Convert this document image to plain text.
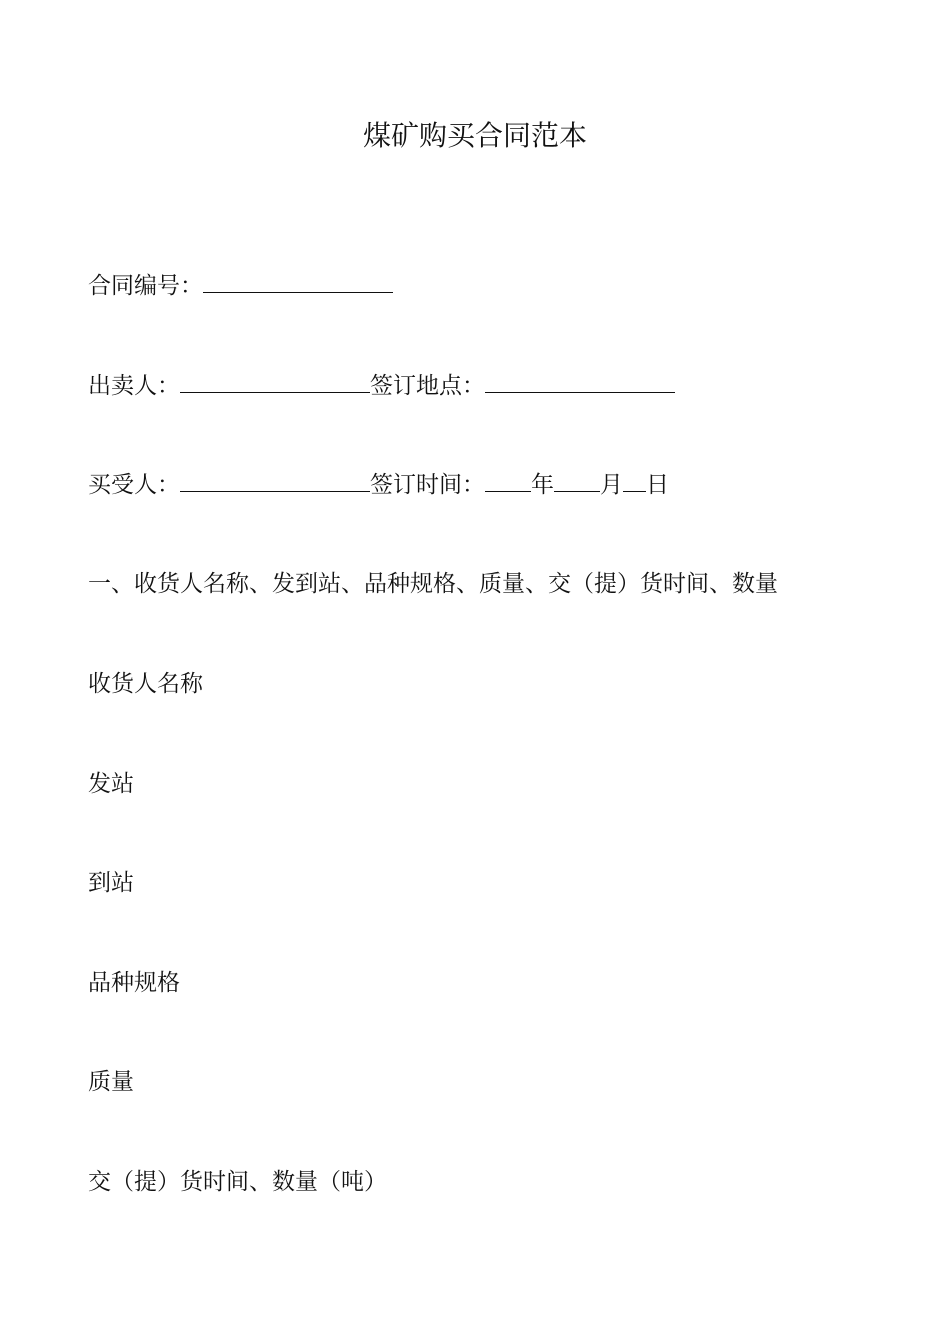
煤矿购买合同范本

合同编号：

出卖人：	签订地点：

买受人：	签订时间： 年 月 日

一、收货人名称、发到站、品种规格、质量、交（提）货时间、数量

收货人名称

发站

到站

品种规格

质量

交（提）货时间、数量（吨）
